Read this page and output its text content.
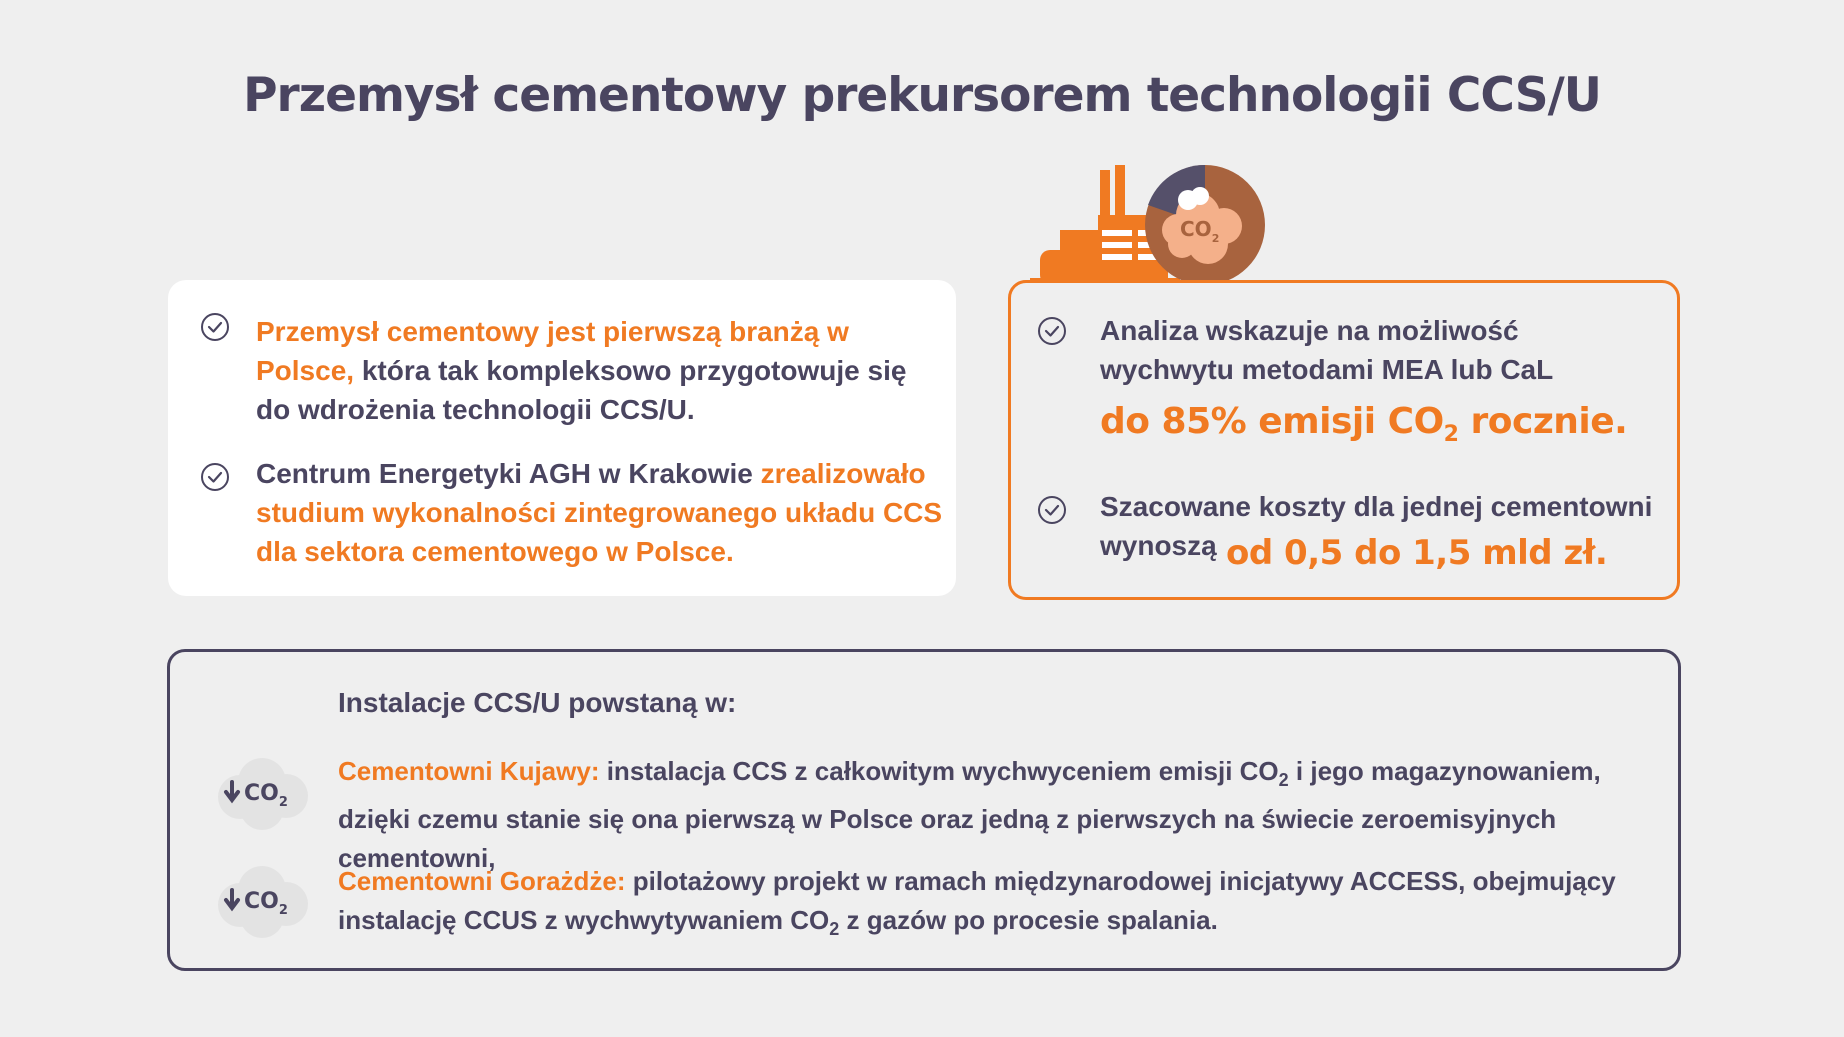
Przemysł cementowy prekursorem technologii CCS/U
$CO_2$
Przemysł cementowy jest pierwszą branżą w Polsce, która tak kompleksowo przygotowuje się do wdrożenia technologii CCS/U.
Centrum Energetyki AGH w Krakowie zrealizowało studium wykonalności zintegrowanego układu CCS dla sektora cementowego w Polsce.
Analiza wskazuje na możliwość wychwytu metodami MEA lub CaL
do 85% emisji $CO_2$ rocznie.
Szacowane koszty dla jednej cementowni wynoszą od 0,5 do 1,5 mld zł.
Instalacje CCS/U powstaną w:
$CO_2$
Cementowni Kujawy: instalacja CCS z całkowitym wychwyceniem emisji $CO_2$ i jego magazynowaniem, dzięki czemu stanie się ona pierwszą w Polsce oraz jedną z pierwszych na świecie zeroemisyjnych cementowni,
$CO_2$
Cementowni Gorażdże: pilotażowy projekt w ramach międzynarodowej inicjatywy ACCESS, obejmujący instalację CCUS z wychwytywaniem $CO_2$ z gazów po procesie spalania.
